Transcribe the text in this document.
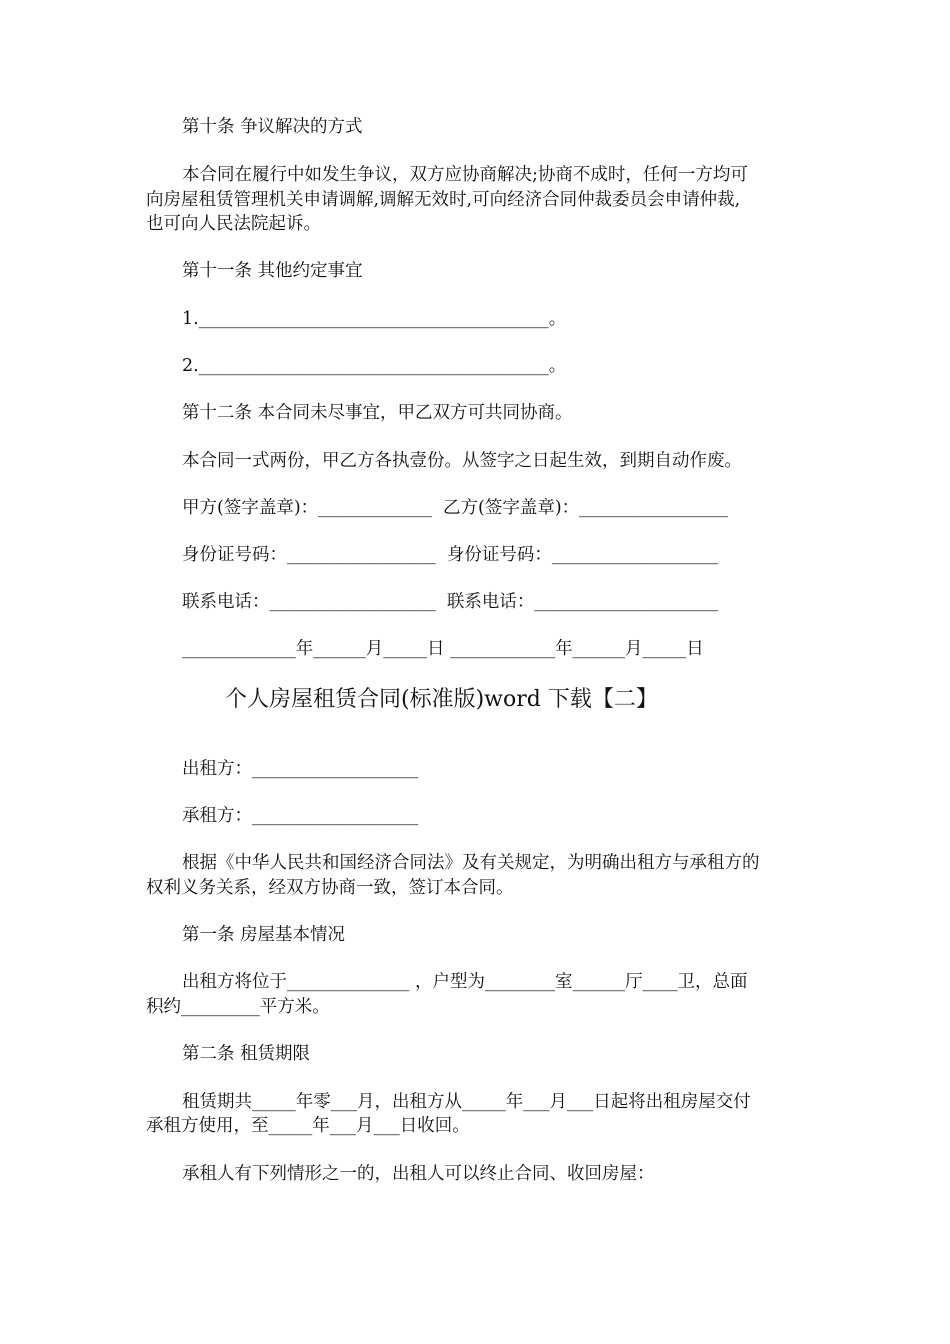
第十条 争议解决的方式
本合同在履行中如发生争议，双方应协商解决;协商不成时，任何一方均可
向房屋租赁管理机关申请调解,调解无效时,可向经济合同仲裁委员会申请仲裁,
也可向人民法院起诉。
第十一条 其他约定事宜
1.________________________________________。
2.________________________________________。
第十二条 本合同未尽事宜，甲乙双方可共同协商。
本合同一式两份，甲乙方各执壹份。从签字之日起生效，到期自动作废。
甲方(签字盖章)：_____________  乙方(签字盖章)：_________________
身份证号码：_________________  身份证号码：___________________
联系电话：___________________  联系电话：_____________________
_____________年______月_____日 ____________年______月_____日
个人房屋租赁合同(标准版)word 下载【二】
出租方：___________________
承租方：___________________
根据《中华人民共和国经济合同法》及有关规定，为明确出租方与承租方的
权利义务关系，经双方协商一致，签订本合同。
第一条 房屋基本情况
出租方将位于______________ ，户型为________室______厅____卫，总面
积约_________平方米。
第二条 租赁期限
租赁期共_____年零___月，出租方从_____年___月___日起将出租房屋交付
承租方使用，至_____年___月___日收回。
承租人有下列情形之一的，出租人可以终止合同、收回房屋：
